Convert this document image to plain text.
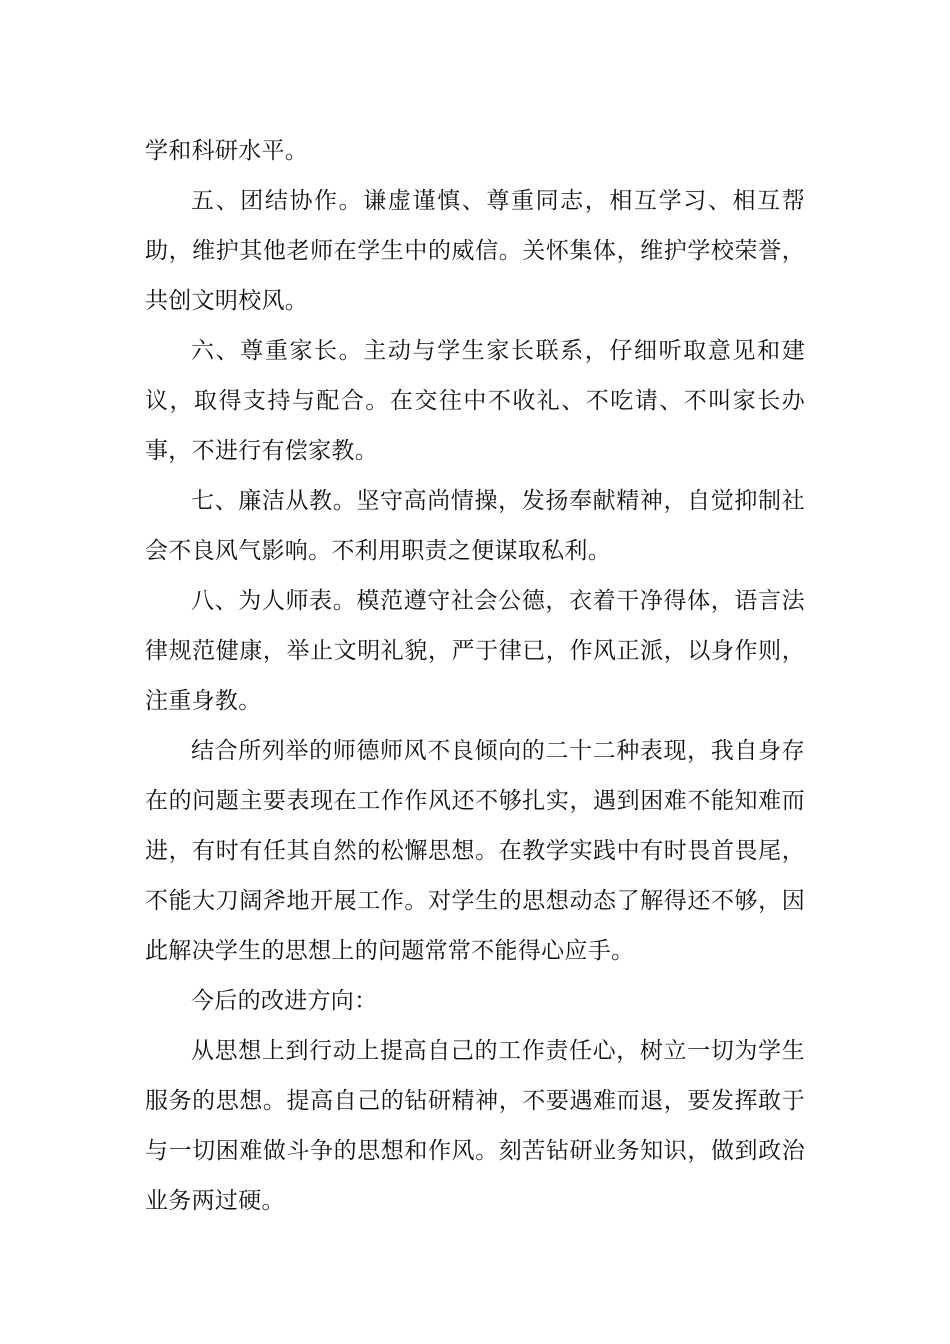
学和科研水平。

五、团结协作。谦虚谨慎、尊重同志，相互学习、相互帮助，维护其他老师在学生中的威信。关怀集体，维护学校荣誉，共创文明校风。

六、尊重家长。主动与学生家长联系，仔细听取意见和建议，取得支持与配合。在交往中不收礼、不吃请、不叫家长办事，不进行有偿家教。

七、廉洁从教。坚守高尚情操，发扬奉献精神，自觉抑制社会不良风气影响。不利用职责之便谋取私利。

八、为人师表。模范遵守社会公德，衣着干净得体，语言法律规范健康，举止文明礼貌，严于律已，作风正派，以身作则，注重身教。

结合所列举的师德师风不良倾向的二十二种表现，我自身存在的问题主要表现在工作作风还不够扎实，遇到困难不能知难而进，有时有任其自然的松懈思想。在教学实践中有时畏首畏尾，不能大刀阔斧地开展工作。对学生的思想动态了解得还不够，因此解决学生的思想上的问题常常不能得心应手。

今后的改进方向：

从思想上到行动上提高自己的工作责任心，树立一切为学生服务的思想。提高自己的钻研精神，不要遇难而退，要发挥敢于与一切困难做斗争的思想和作风。刻苦钻研业务知识，做到政治业务两过硬。
